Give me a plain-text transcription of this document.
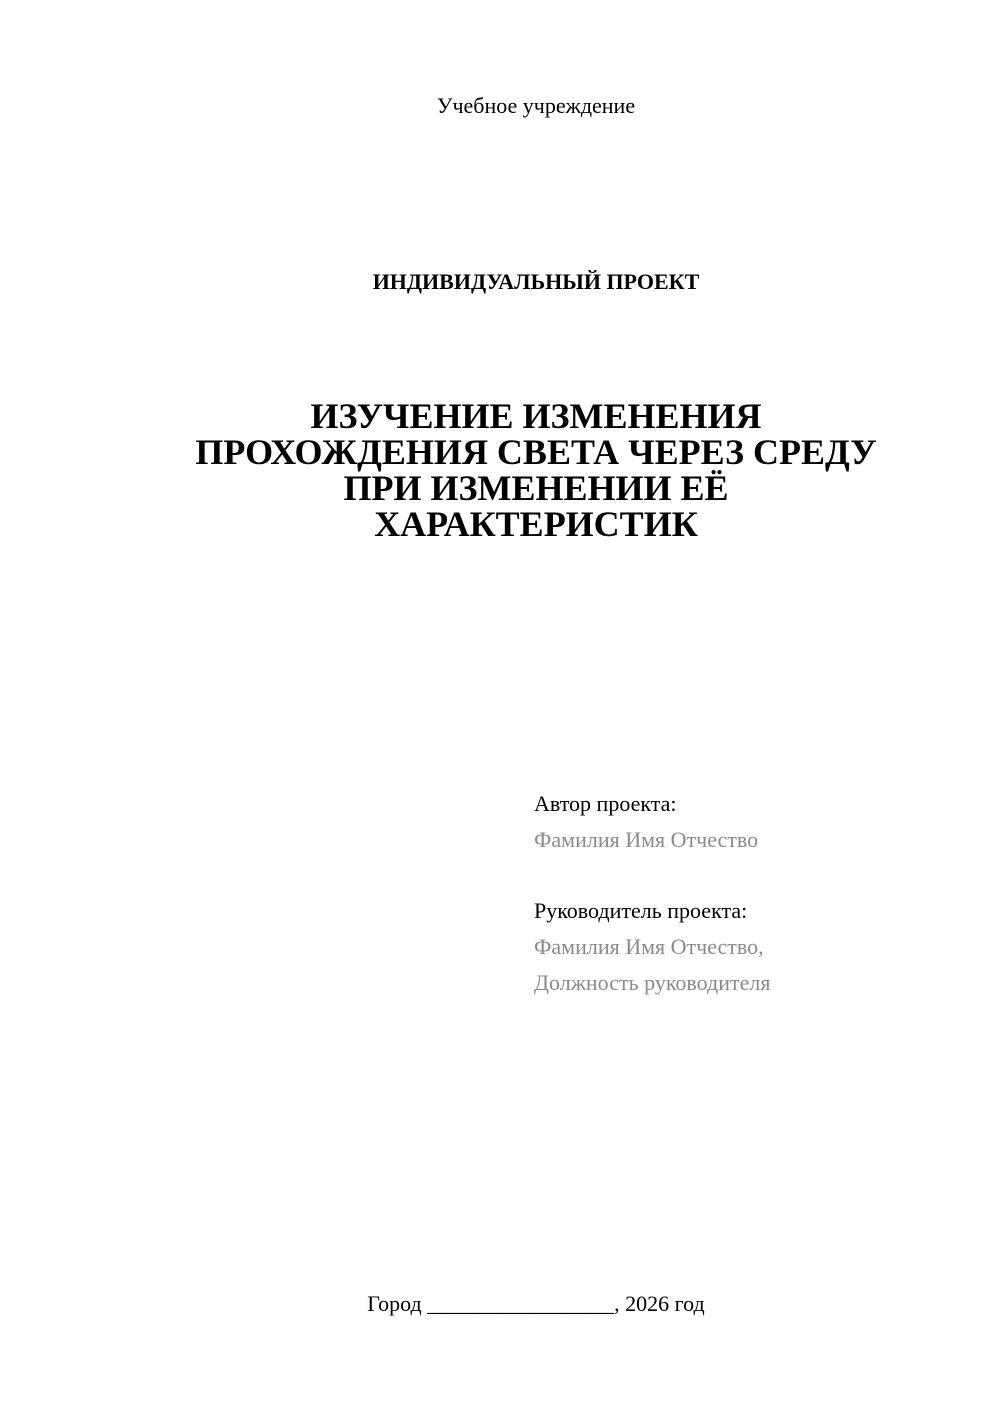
Учебное учреждение
ИНДИВИДУАЛЬНЫЙ ПРОЕКТ
ИЗУЧЕНИЕ ИЗМЕНЕНИЯ
ПРОХОЖДЕНИЯ СВЕТА ЧЕРЕЗ СРЕДУ
ПРИ ИЗМЕНЕНИИ ЕЁ
ХАРАКТЕРИСТИК
Автор проекта:
Фамилия Имя Отчество
Руководитель проекта:
Фамилия Имя Отчество,
Должность руководителя
Город _________________, 2026 год
